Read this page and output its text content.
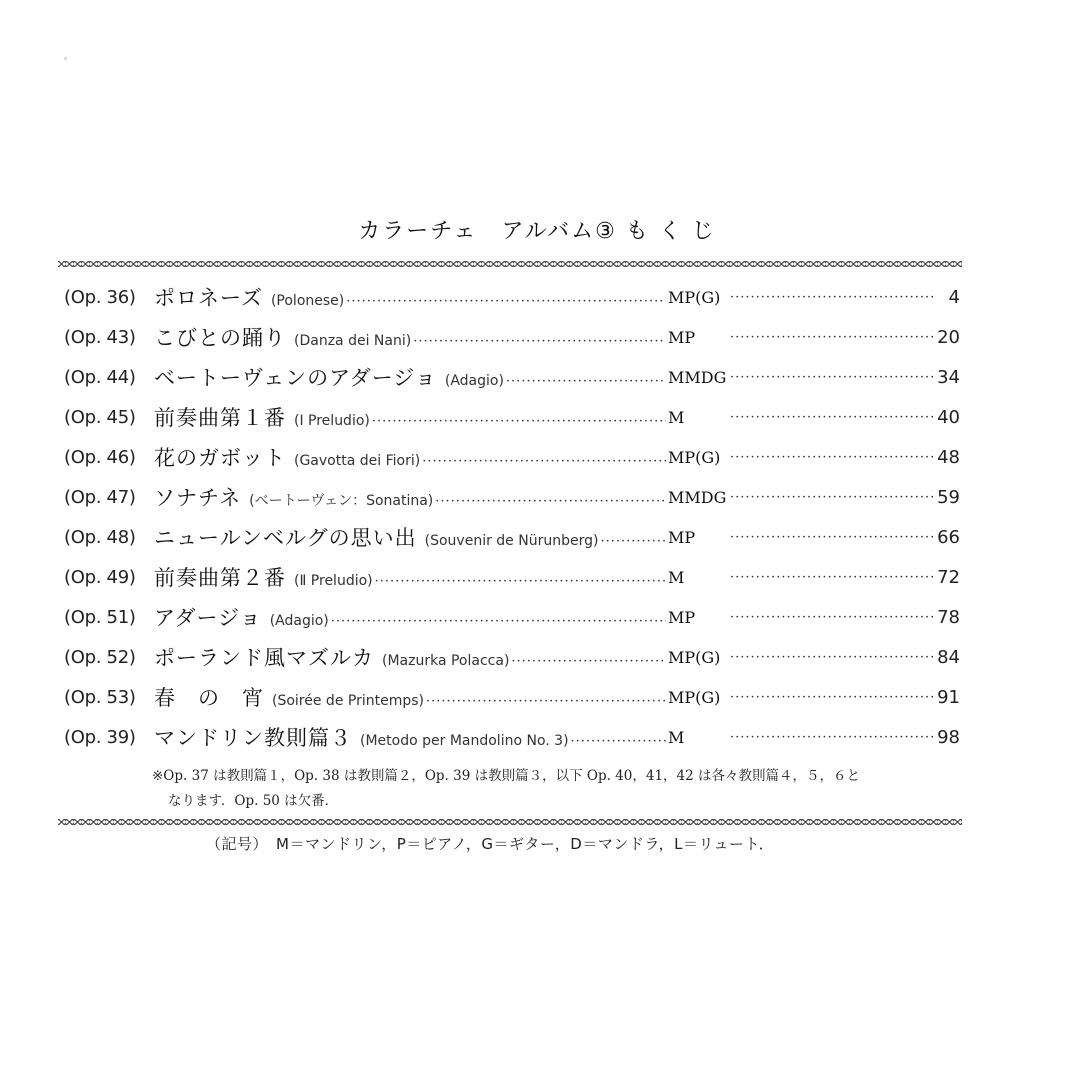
カラーチェ　アルバム③ も く じ
(Op. 36) ポロネーズ (Polonese) ·····	MP(G) ·····	4
(Op. 43) こびとの踊り (Danza dei Nani) ·····	MP ·····	20
(Op. 44) ベートーヴェンのアダージョ (Adagio) ·····	MMDG ·····	34
(Op. 45) 前奏曲第１番 (Ⅰ Preludio) ·····	M ·····	40
(Op. 46) 花のガボット (Gavotta dei Fiori) ·····	MP(G) ·····	48
(Op. 47) ソナチネ (ベートーヴェン：Sonatina) ·····	MMDG ·····	59
(Op. 48) ニュールンベルグの思い出 (Souvenir de Nürunberg) ·····	MP ·····	66
(Op. 49) 前奏曲第２番 (Ⅱ Preludio) ·····	M ·····	72
(Op. 51) アダージョ (Adagio) ·····	MP ·····	78
(Op. 52) ポーランド風マズルカ (Mazurka Polacca) ·····	MP(G) ·····	84
(Op. 53) 春　の　宵 (Soirée de Printemps) ·····	MP(G) ·····	91
(Op. 39) マンドリン教則篇３ (Metodo per Mandolino No. 3) ·····	M ·····	98
※Op. 37 は教則篇１，Op. 38 は教則篇２，Op. 39 は教則篇３，以下 Op. 40，41，42 は各々教則篇４，５，６と
なります．Op. 50 は欠番．
（記号）　M＝マンドリン，P＝ピアノ，G＝ギター，D＝マンドラ，L＝リュート．
